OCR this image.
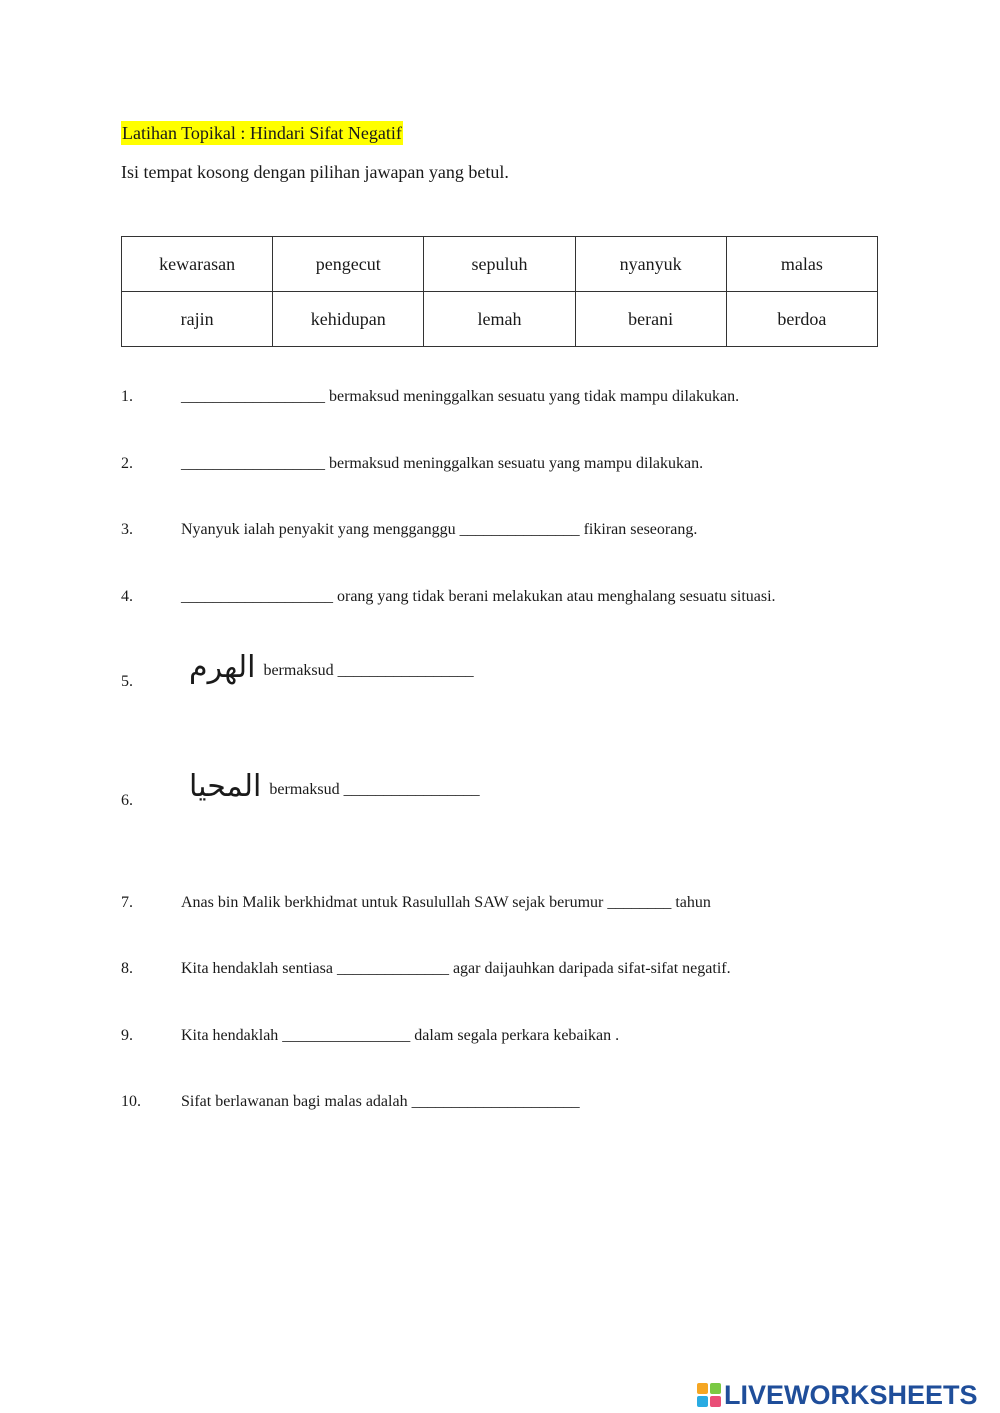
Latihan Topikal : Hindari Sifat Negatif
Isi tempat kosong dengan pilihan jawapan yang betul.
kewarasan	pengecut	sepuluh	nyanyuk	malas
rajin	kehidupan	lemah	berani	berdoa
1.	__________________ bermaksud meninggalkan sesuatu yang tidak mampu dilakukan.
2.	__________________ bermaksud meninggalkan sesuatu yang mampu dilakukan.
3.	Nyanyuk ialah penyakit yang mengganggu _______________ fikiran seseorang.
4.	___________________ orang yang tidak berani melakukan atau menghalang sesuatu situasi.
5. الهرم bermaksud _________________
6. المحيا bermaksud _________________
7.	Anas bin Malik berkhidmat untuk Rasulullah SAW sejak berumur ________ tahun
8.	Kita hendaklah sentiasa ______________ agar daijauhkan daripada sifat-sifat negatif.
9.	Kita hendaklah ________________ dalam segala perkara kebaikan .
10.	Sifat berlawanan bagi malas adalah _____________________
LIVEWORKSHEETS
